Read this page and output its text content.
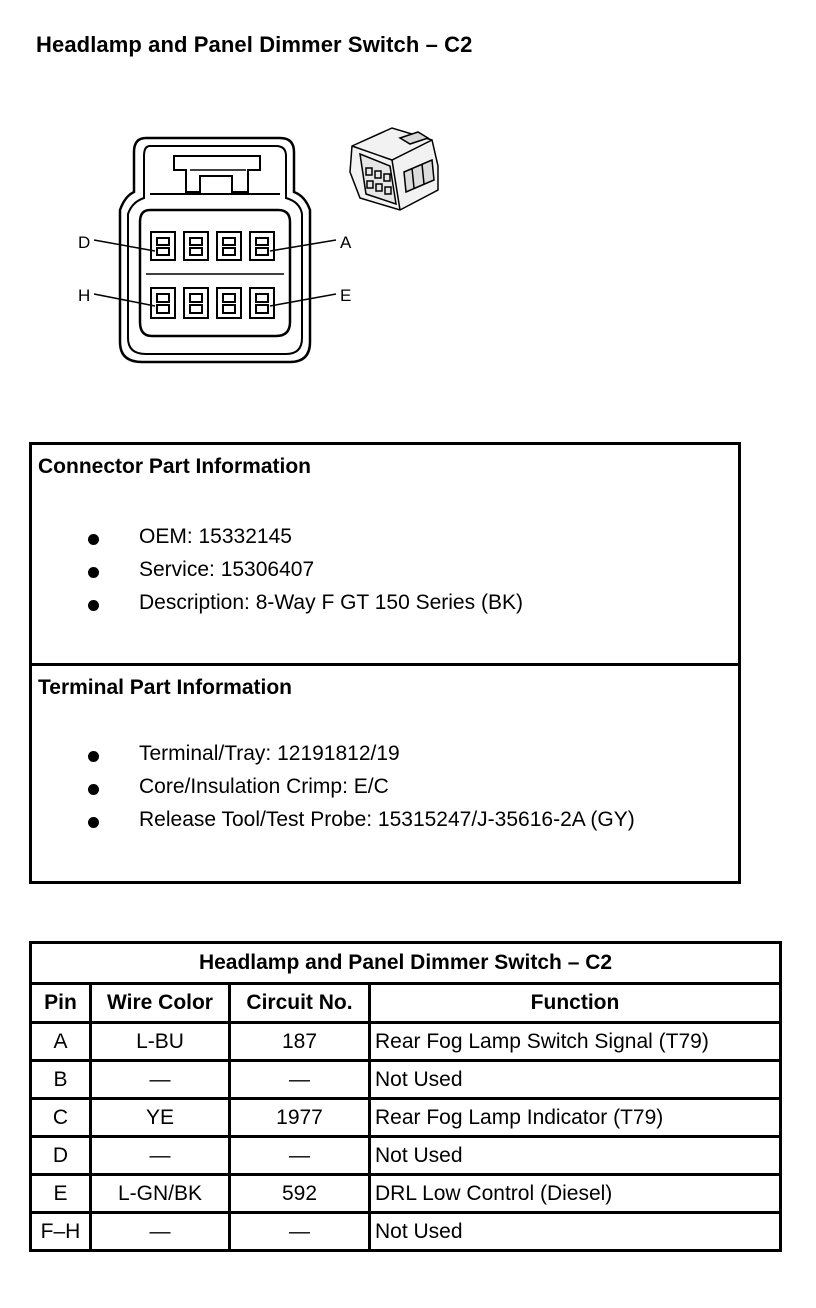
Headlamp and Panel Dimmer Switch – C2
D	A
H	E
Connector Part Information
OEM: 15332145
Service: 15306407
Description: 8-Way F GT 150 Series (BK)
Terminal Part Information
Terminal/Tray: 12191812/19
Core/Insulation Crimp: E/C
Release Tool/Test Probe: 15315247/J-35616-2A (GY)
Headlamp and Panel Dimmer Switch – C2			
Pin	Wire Color	Circuit No.	Function
A	L-BU	187	Rear Fog Lamp Switch Signal (T79)
B	—	—	Not Used
C	YE	1977	Rear Fog Lamp Indicator (T79)
D	—	—	Not Used
E	L-GN/BK	592	DRL Low Control (Diesel)
F–H	—	—	Not Used
